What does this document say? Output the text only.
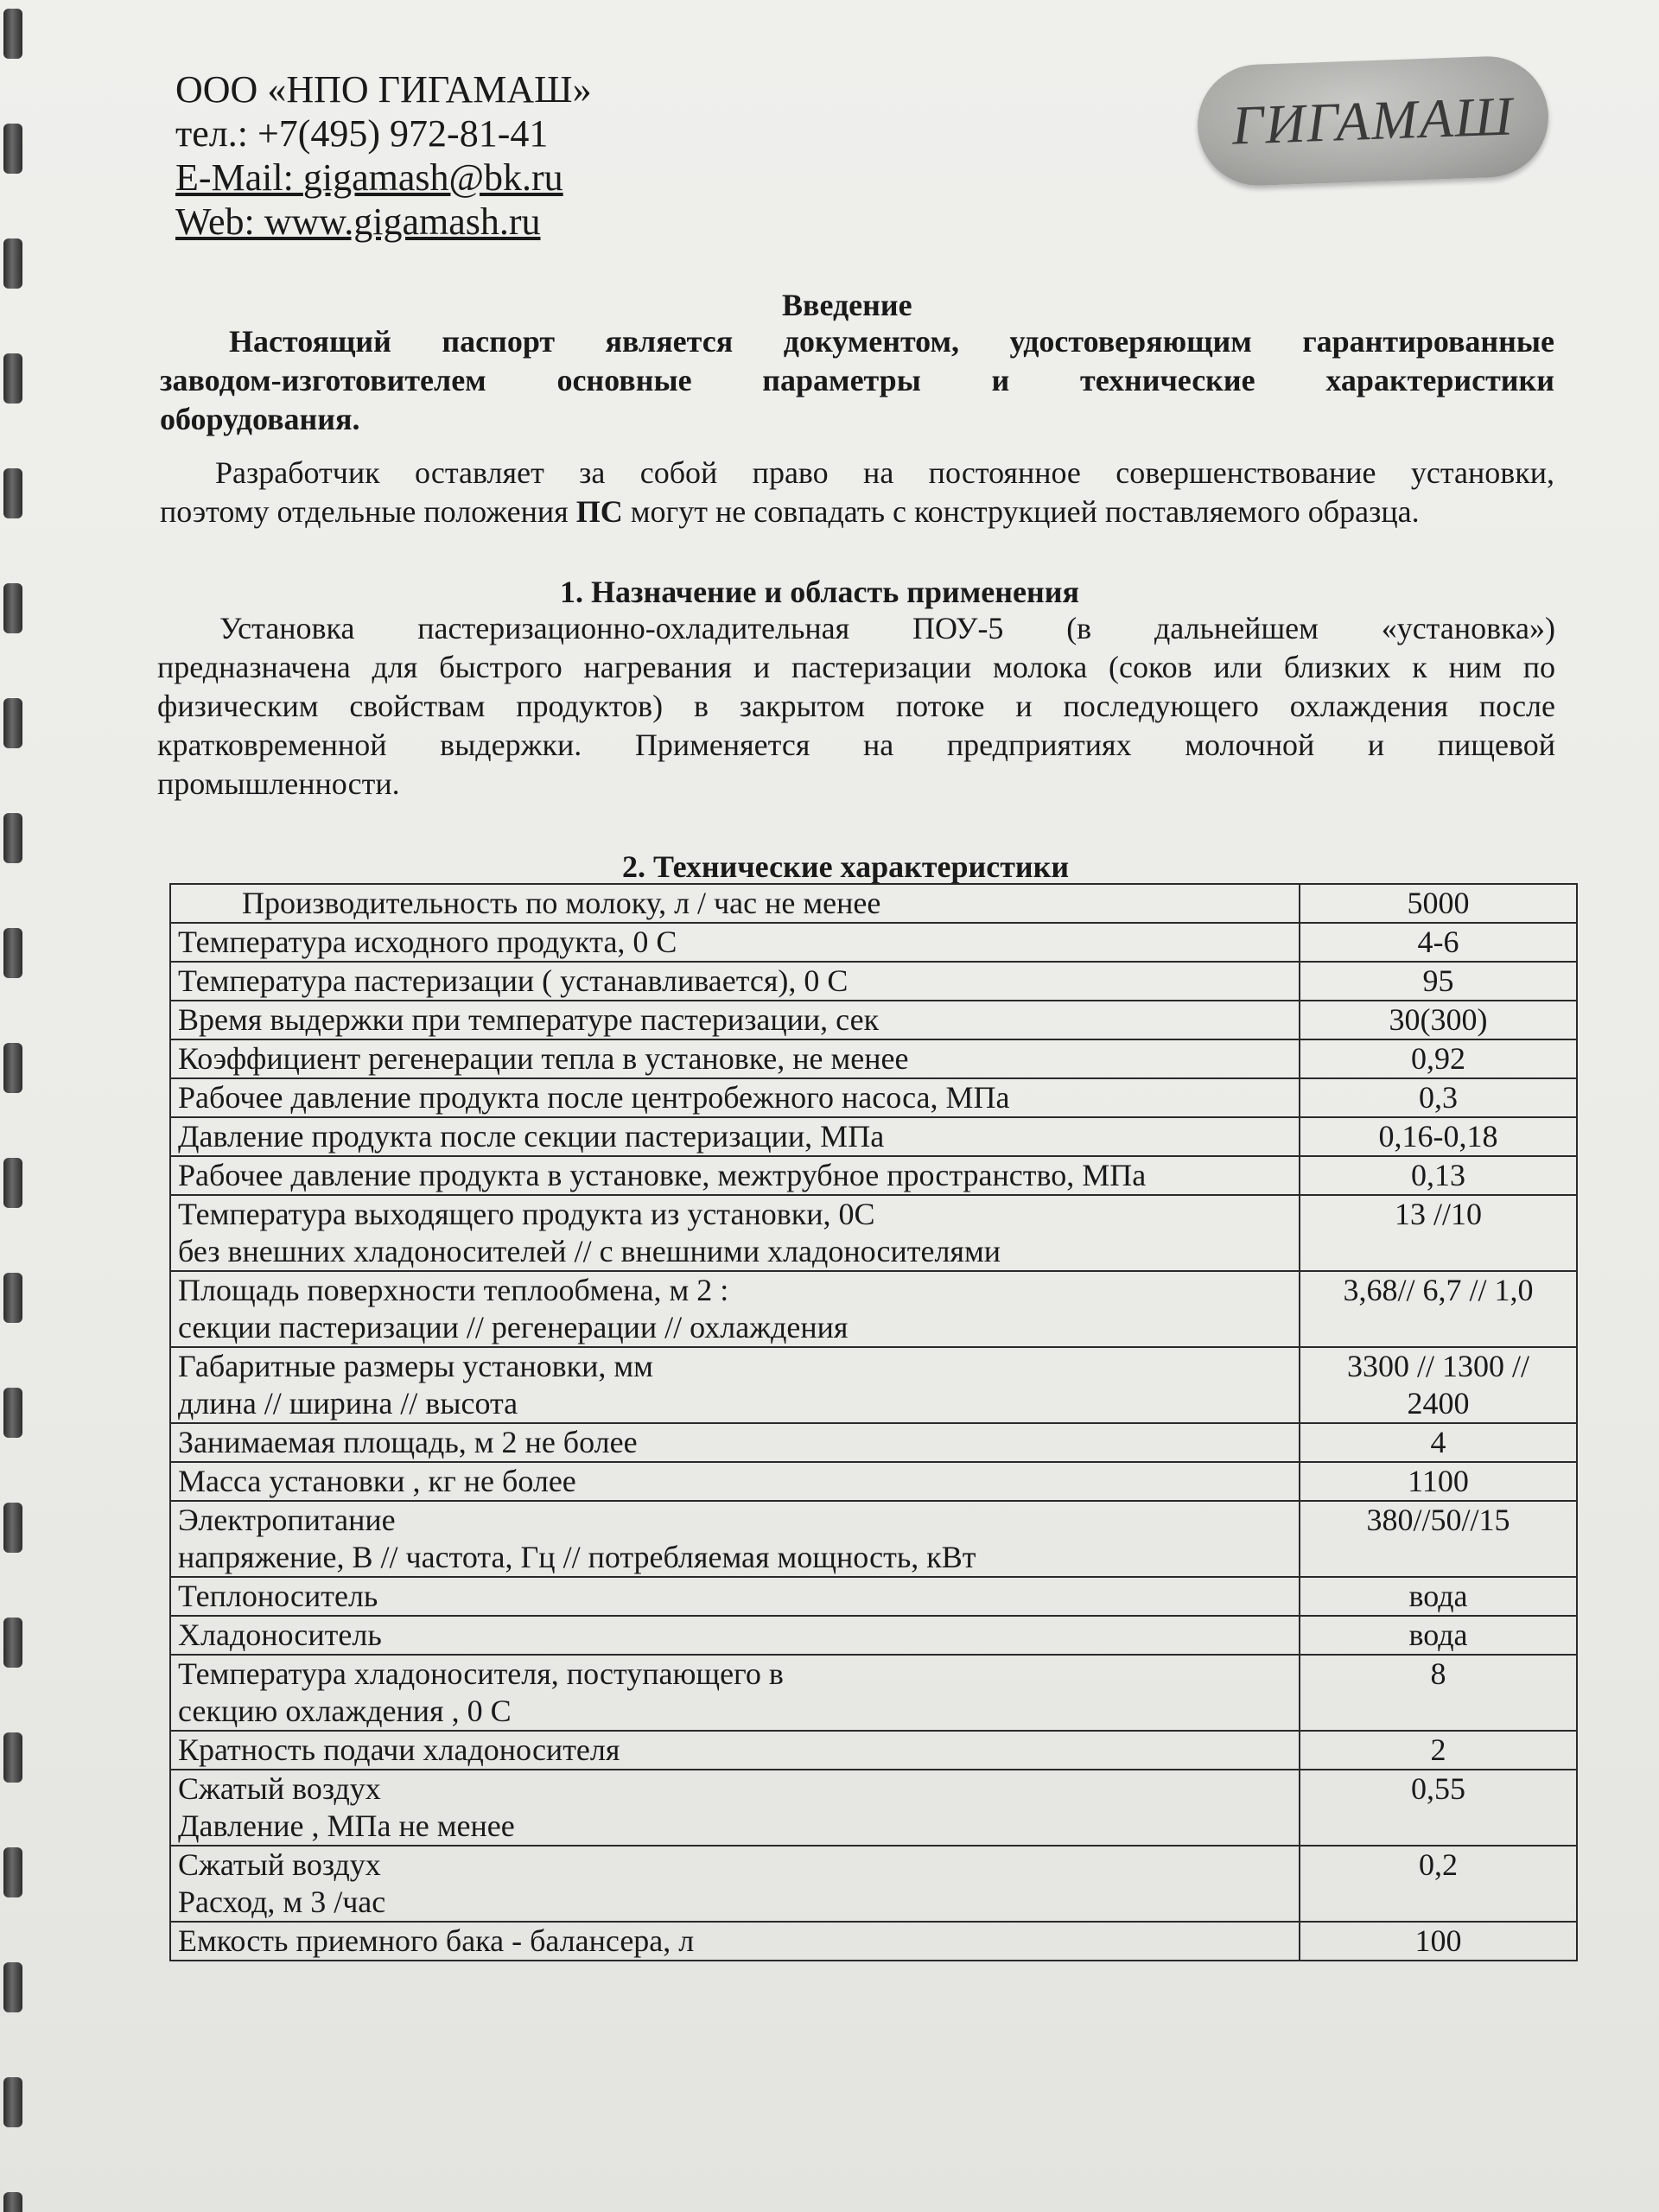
ООО «НПО ГИГАМАШ»
тел.: +7(495) 972-81-41
E-Mail: gigamash@bk.ru
Web: www.gigamash.ru
ГИГАМАШ
Введение
Настоящий паспорт является документом, удостоверяющим гарантированные
заводом-изготовителем основные параметры и технические характеристики
оборудования.
Разработчик оставляет за собой право на постоянное совершенствование установки,
поэтому отдельные положения ПС могут не совпадать с конструкцией поставляемого образца.
1. Назначение и область применения
Установка пастеризационно-охладительная ПОУ-5 (в дальнейшем «установка»)
предназначена для быстрого нагревания и пастеризации молока (соков или близких к ним по
физическим свойствам продуктов) в закрытом потоке и последующего охлаждения после
кратковременной выдержки. Применяется на предприятиях молочной и пищевой
промышленности.
2. Технические характеристики
Производительность по молоку, л / час не менее	5000

Температура исходного продукта, 0 С	4-6

Температура пастеризации ( устанавливается), 0 С	95

Время выдержки при температуре пастеризации, сек	30(300)

Коэффициент регенерации тепла в установке, не менее	0,92

Рабочее давление продукта после центробежного насоса, МПа	0,3

Давление продукта после секции пастеризации, МПа	0,16-0,18

Рабочее давление продукта в установке, межтрубное пространство, МПа	0,13

Температура выходящего продукта из установки, 0С
без внешних хладоносителей // с внешними хладоносителями	13 //10

Площадь поверхности теплообмена, м 2 :
секции пастеризации // регенерации // охлаждения	3,68// 6,7 // 1,0

Габаритные размеры установки, мм
длина // ширина // высота	3300 // 1300 //
2400

Занимаемая площадь, м 2 не более	4

Масса установки , кг не более	1100

Электропитание
напряжение, В // частота, Гц // потребляемая мощность, кВт	380//50//15

Теплоноситель	вода

Хладоноситель	вода

Температура хладоносителя, поступающего в
секцию охлаждения , 0 С	8

Кратность подачи хладоносителя	2

Сжатый воздух
Давление , МПа не менее	0,55

Сжатый воздух
Расход, м 3 /час	0,2

Емкость приемного бака - балансера, л	100
